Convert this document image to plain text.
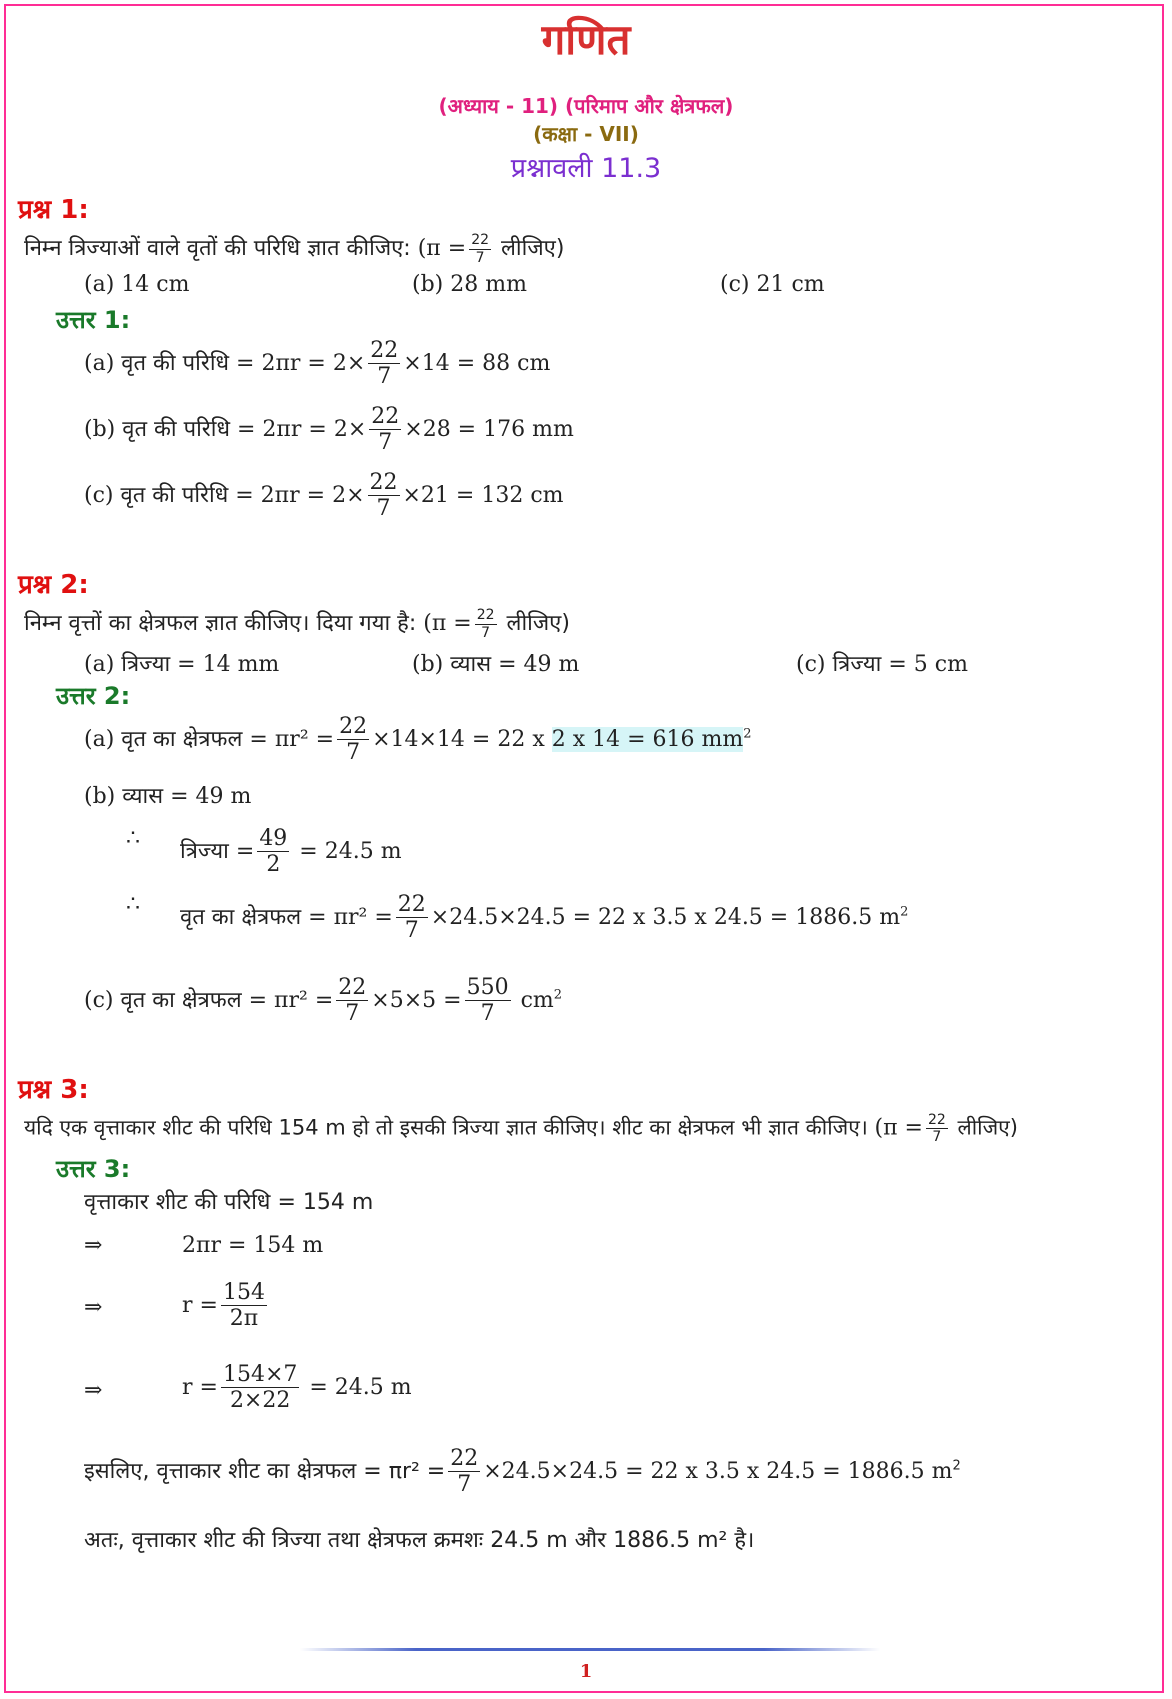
गणित
(अध्याय - 11) (परिमाप और क्षेत्रफल)
(कक्षा - VII)
प्रश्नावली 11.3
प्रश्न 1:
निम्न त्रिज्याओं वाले वृतों की परिधि ज्ञात कीजिए: ($\pi = \frac{22}{7}$ लीजिए)
(a) 14 cm	(b) 28 mm	(c) 21 cm
उत्तर 1:
(a) वृत की परिधि = $2\pi r = 2\times \frac{22}{7} \times 14 = 88$ cm
(b) वृत की परिधि = $2\pi r = 2\times \frac{22}{7} \times 28 = 176$ mm
(c) वृत की परिधि = $2\pi r = 2\times \frac{22}{7} \times 21 = 132$ cm
प्रश्न 2:
निम्न वृत्तों का क्षेत्रफल ज्ञात कीजिए। दिया गया है: ($\pi = \frac{22}{7}$ लीजिए)
(a) त्रिज्या = 14 mm	(b) व्यास = 49 m	(c) त्रिज्या = 5 cm
उत्तर 2:
(a) वृत का क्षेत्रफल = $\pi r^2 = \frac{22}{7} \times 14\times 14 = 22$ x 2 x 14 = 616 $mm^2$
(b) व्यास = 49 m
∴
त्रिज्या = $\frac{49}{2} = 24.5$ m
∴
वृत का क्षेत्रफल = $\pi r^2 = \frac{22}{7} \times 24.5\times 24.5 = 22$ x 3.5 x 24.5 = 1886.5 $m^2$
(c) वृत का क्षेत्रफल = $\pi r^2 = \frac{22}{7} \times 5\times 5 = \frac{550}{7} cm^2$
प्रश्न 3:
यदि एक वृत्ताकार शीट की परिधि 154 m हो तो इसकी त्रिज्या ज्ञात कीजिए। शीट का क्षेत्रफल भी ज्ञात कीजिए। ($\pi = \frac{22}{7}$ लीजिए)
उत्तर 3:
वृत्ताकार शीट की परिधि = 154 m
⇒	2πr = 154 m
⇒	$r = \frac{154}{2\pi}$
⇒	$r = \frac{154\times 7}{2\times 22} = 24.5$ m
इसलिए, वृत्ताकार शीट का क्षेत्रफल = $\pi r^2 = \frac{22}{7} \times 24.5\times 24.5 = 22$ x 3.5 x 24.5 = 1886.5 $m^2$
अतः, वृत्ताकार शीट की त्रिज्या तथा क्षेत्रफल क्रमशः 24.5 m और 1886.5 m² है।
1
